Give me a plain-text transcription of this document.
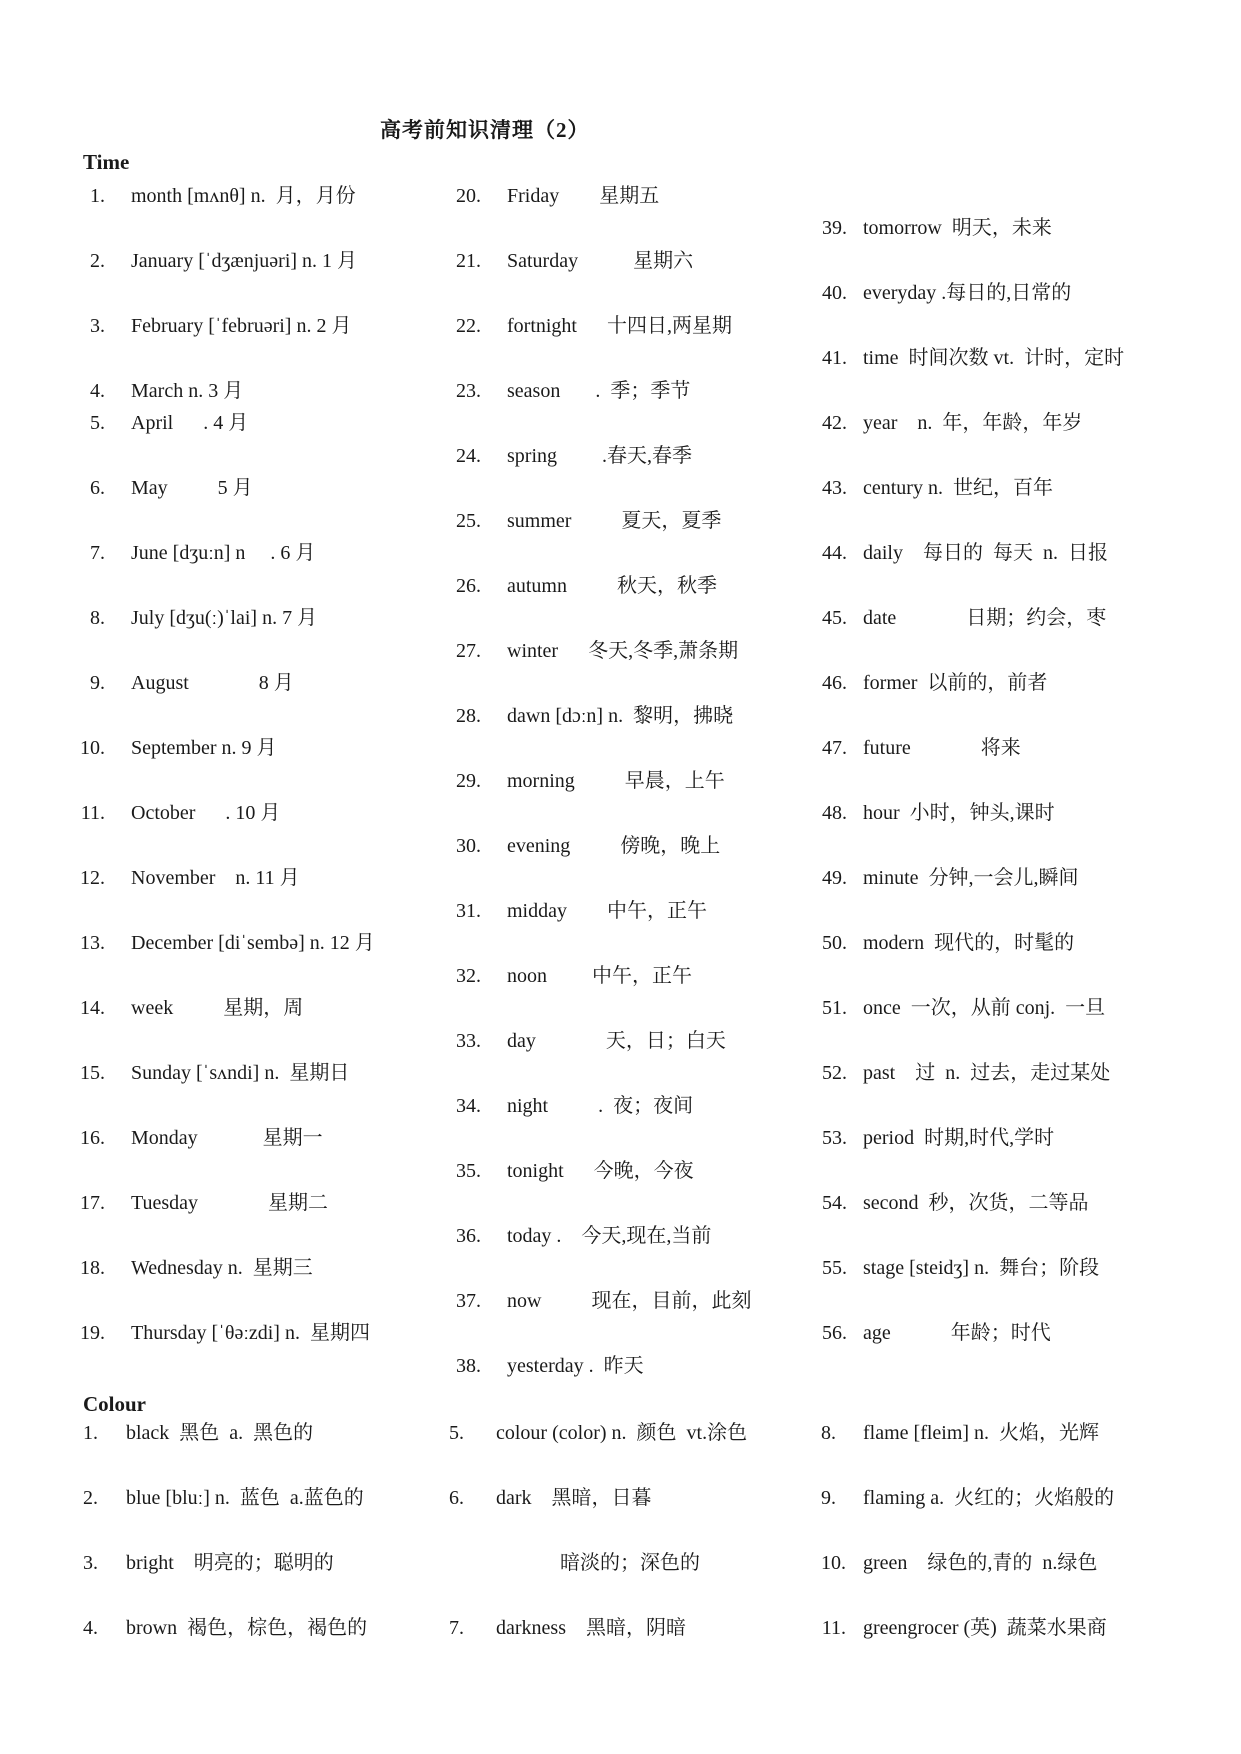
高考前知识清理（2）
Time
Colour
1. month [mʌnθ] n.  月，月份
2. January [ˈdʒænjuəri] n. 1 月
3. February [ˈfebruəri] n. 2 月
4. March n. 3 月
5. April      . 4 月
6. May          5 月
7. June [dʒuːn] n     . 6 月
8. July [dʒu(ː)ˈlai] n. 7 月
9. August              8 月
10. September n. 9 月
11. October      . 10 月
12. November    n. 11 月
13. December [diˈsembə] n. 12 月
14. week          星期，周
15. Sunday [ˈsʌndi] n.  星期日
16. Monday             星期一
17. Tuesday              星期二
18. Wednesday n.  星期三
19. Thursday [ˈθəːzdi] n.  星期四
20. Friday        星期五
21. Saturday           星期六
22. fortnight      十四日,两星期
23. season       .  季；季节
24. spring         .春天,春季
25. summer          夏天，夏季
26. autumn          秋天，秋季
27. winter      冬天,冬季,萧条期
28. dawn [dɔːn] n.  黎明，拂晓
29. morning          早晨，上午
30. evening          傍晚，晚上
31. midday        中午，正午
32. noon         中午，正午
33. day              天，日；白天
34. night          .  夜；夜间
35. tonight      今晚，今夜
36. today .    今天,现在,当前
37. now          现在，目前，此刻
38. yesterday .  昨天
39. tomorrow  明天，未来
40. everyday .每日的,日常的
41. time  时间次数 vt.  计时，定时
42. year    n.  年，年龄，年岁
43. century n.  世纪，百年
44. daily    每日的  每天  n.  日报
45. date              日期；约会，枣
46. former  以前的，前者
47. future              将来
48. hour  小时，钟头,课时
49. minute  分钟,一会儿,瞬间
50. modern  现代的，时髦的
51. once  一次，从前 conj.  一旦
52. past    过  n.  过去，走过某处
53. period  时期,时代,学时
54. second  秒，次货，二等品
55. stage [steidʒ] n.  舞台；阶段
56. age            年龄；时代
1. black  黑色  a.  黑色的
2. blue [bluː] n.  蓝色  a.蓝色的
3. bright    明亮的；聪明的
4. brown  褐色，棕色，褐色的
5. colour (color) n.  颜色  vt.涂色
6. dark    黑暗，日暮
暗淡的；深色的
7. darkness    黑暗，阴暗
8. flame [fleim] n.  火焰，光辉
9. flaming a.  火红的；火焰般的
10. green    绿色的,青的  n.绿色
11. greengrocer (英)  蔬菜水果商
